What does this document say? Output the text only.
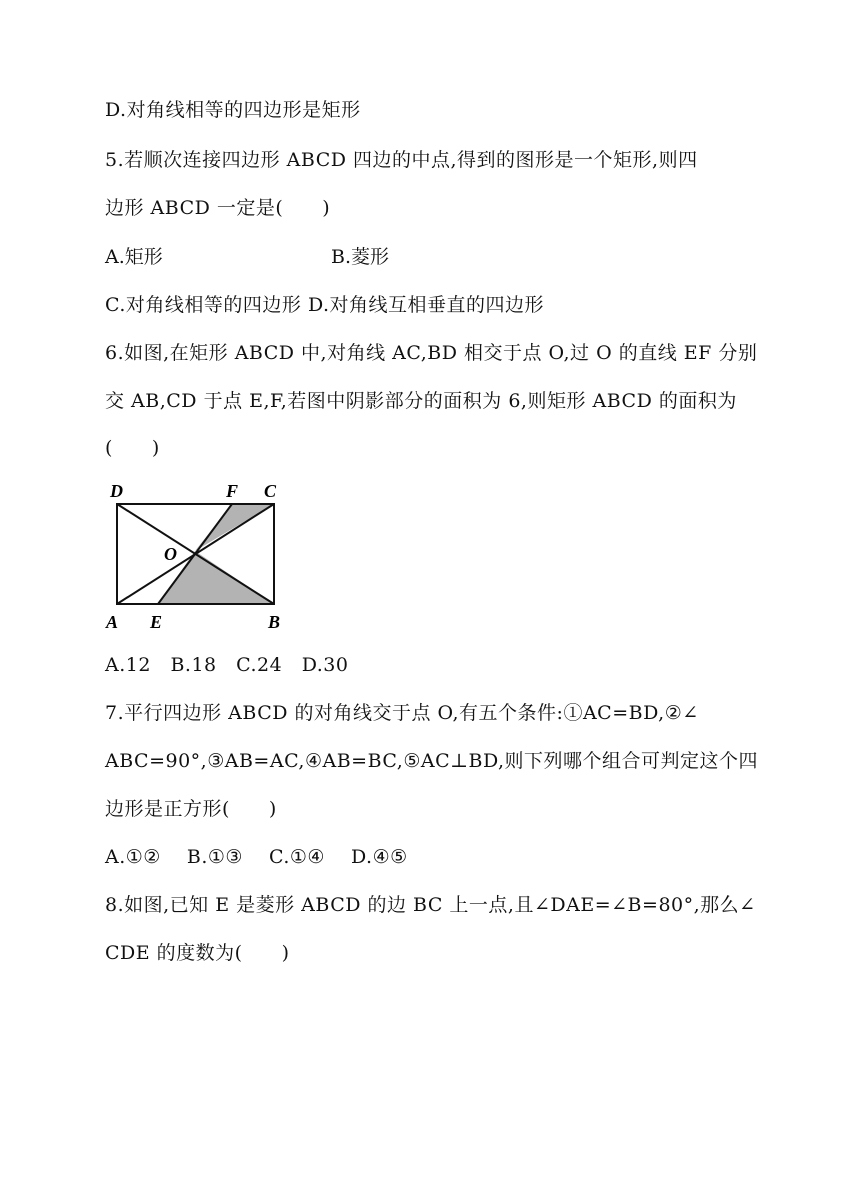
D.对角线相等的四边形是矩形
5.若顺次连接四边形 ABCD 四边的中点,得到的图形是一个矩形,则四
边形 ABCD 一定是(　　)
A.矩形	B.菱形
C.对角线相等的四边形 D.对角线互相垂直的四边形
6.如图,在矩形 ABCD 中,对角线 AC,BD 相交于点 O,过 O 的直线 EF 分别
交 AB,CD 于点 E,F,若图中阴影部分的面积为 6,则矩形 ABCD 的面积为
(　　)
D	F C
O
A E	B
A.12　B.18　C.24　D.30
7.平行四边形 ABCD 的对角线交于点 O,有五个条件:①AC=BD,②∠
ABC=90°,③AB=AC,④AB=BC,⑤AC⊥BD,则下列哪个组合可判定这个四
边形是正方形(　　)
A.①②　 B.①③　 C.①④　 D.④⑤
8.如图,已知 E 是菱形 ABCD 的边 BC 上一点,且∠DAE=∠B=80°,那么∠
CDE 的度数为(　　)
